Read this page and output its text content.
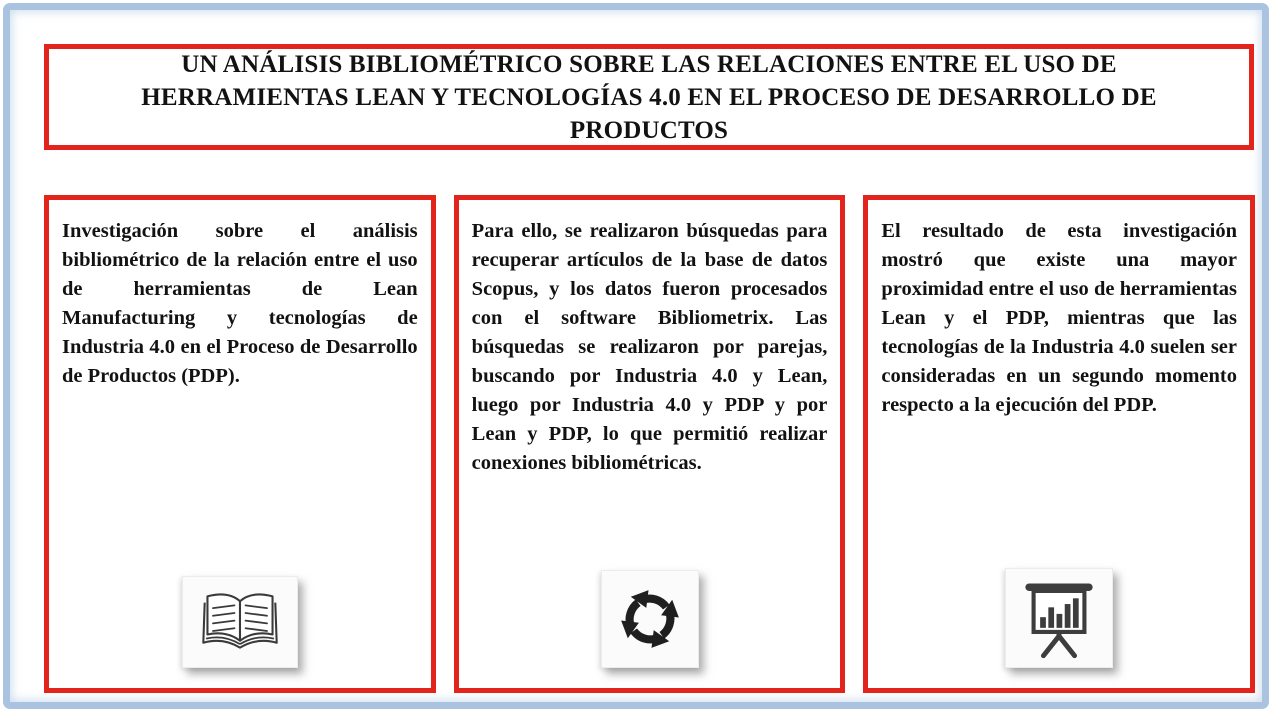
UN ANÁLISIS BIBLIOMÉTRICO SOBRE LAS RELACIONES ENTRE EL USO DE HERRAMIENTAS LEAN Y TECNOLOGÍAS 4.0 EN EL PROCESO DE DESARROLLO DE PRODUCTOS
Investigación sobre el análisis bibliométrico de la relación entre el uso de herramientas de Lean Manufacturing y tecnologías de Industria 4.0 en el Proceso de Desarrollo de Productos (PDP).
Para ello, se realizaron búsquedas para recuperar artículos de la base de datos Scopus, y los datos fueron procesados con el software Bibliometrix. Las búsquedas se realizaron por parejas, buscando por Industria 4.0 y Lean, luego por Industria 4.0 y PDP y por Lean y PDP, lo que permitió realizar conexiones bibliométricas.
El resultado de esta investigación mostró que existe una mayor proximidad entre el uso de herramientas Lean y el PDP, mientras que las tecnologías de la Industria 4.0 suelen ser consideradas en un segundo momento respecto a la ejecución del PDP.
